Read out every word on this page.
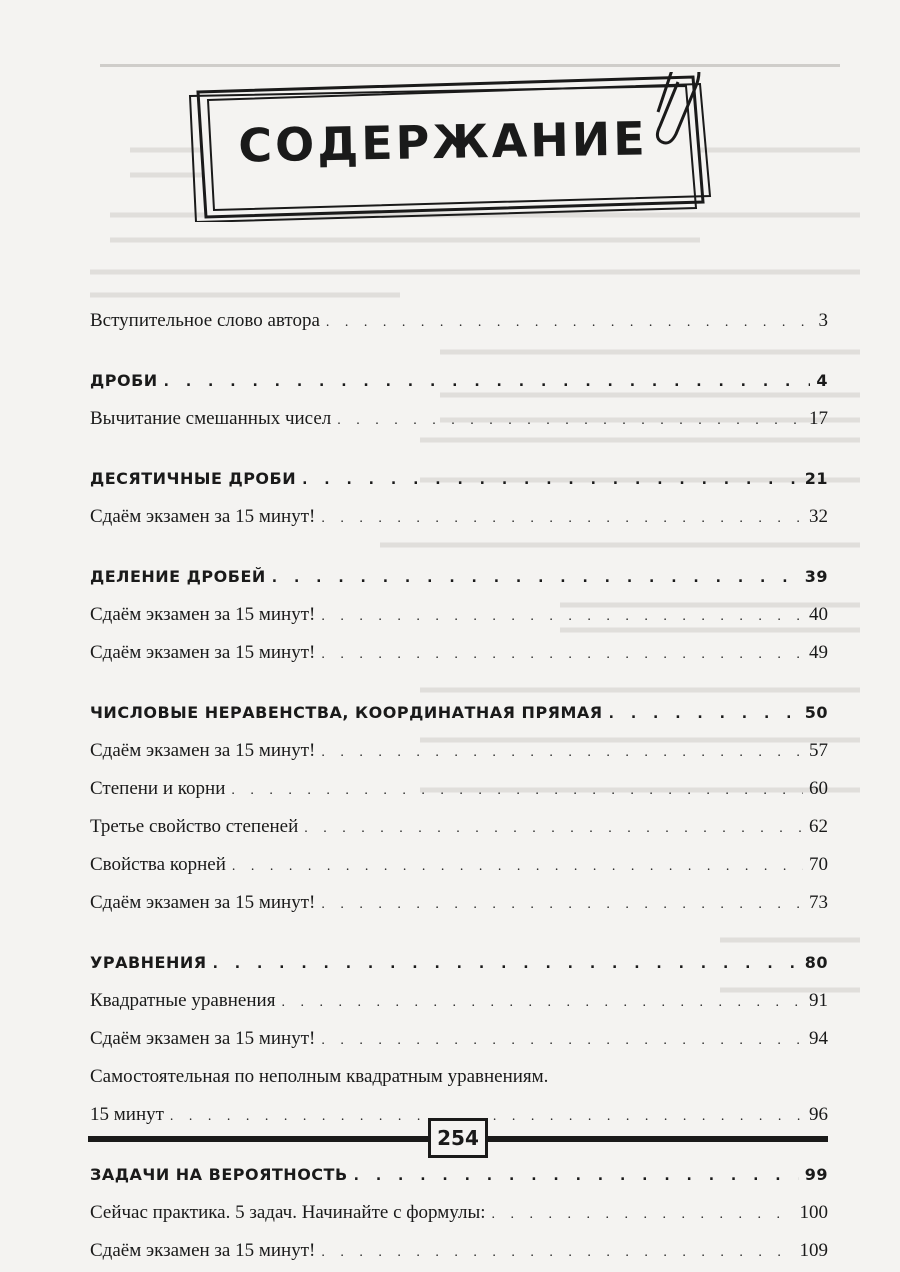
СОДЕРЖАНИЕ
Вступительное слово автора . . .	3
ДРОБИ . . .	4
Вычитание смешанных чисел . . .	17
ДЕСЯТИЧНЫЕ ДРОБИ . . .	21
Сдаём экзамен за 15 минут! . . .	32
ДЕЛЕНИЕ ДРОБЕЙ . . .	39
Сдаём экзамен за 15 минут! . . .	40
Сдаём экзамен за 15 минут! . . .	49
ЧИСЛОВЫЕ НЕРАВЕНСТВА, КООРДИНАТНАЯ ПРЯМАЯ . . .	50
Сдаём экзамен за 15 минут! . . .	57
Степени и корни . . .	60
Третье свойство степеней . . .	62
Свойства корней . . .	70
Сдаём экзамен за 15 минут! . . .	73
УРАВНЕНИЯ . . .	80
Квадратные уравнения . . .	91
Сдаём экзамен за 15 минут! . . .	94
Самостоятельная по неполным квадратным уравнениям.
15 минут . . .	96
ЗАДАЧИ НА ВЕРОЯТНОСТЬ . . .	99
Сейчас практика. 5 задач. Начинайте с формулы: . . .	100
Сдаём экзамен за 15 минут! . . .	109
254
